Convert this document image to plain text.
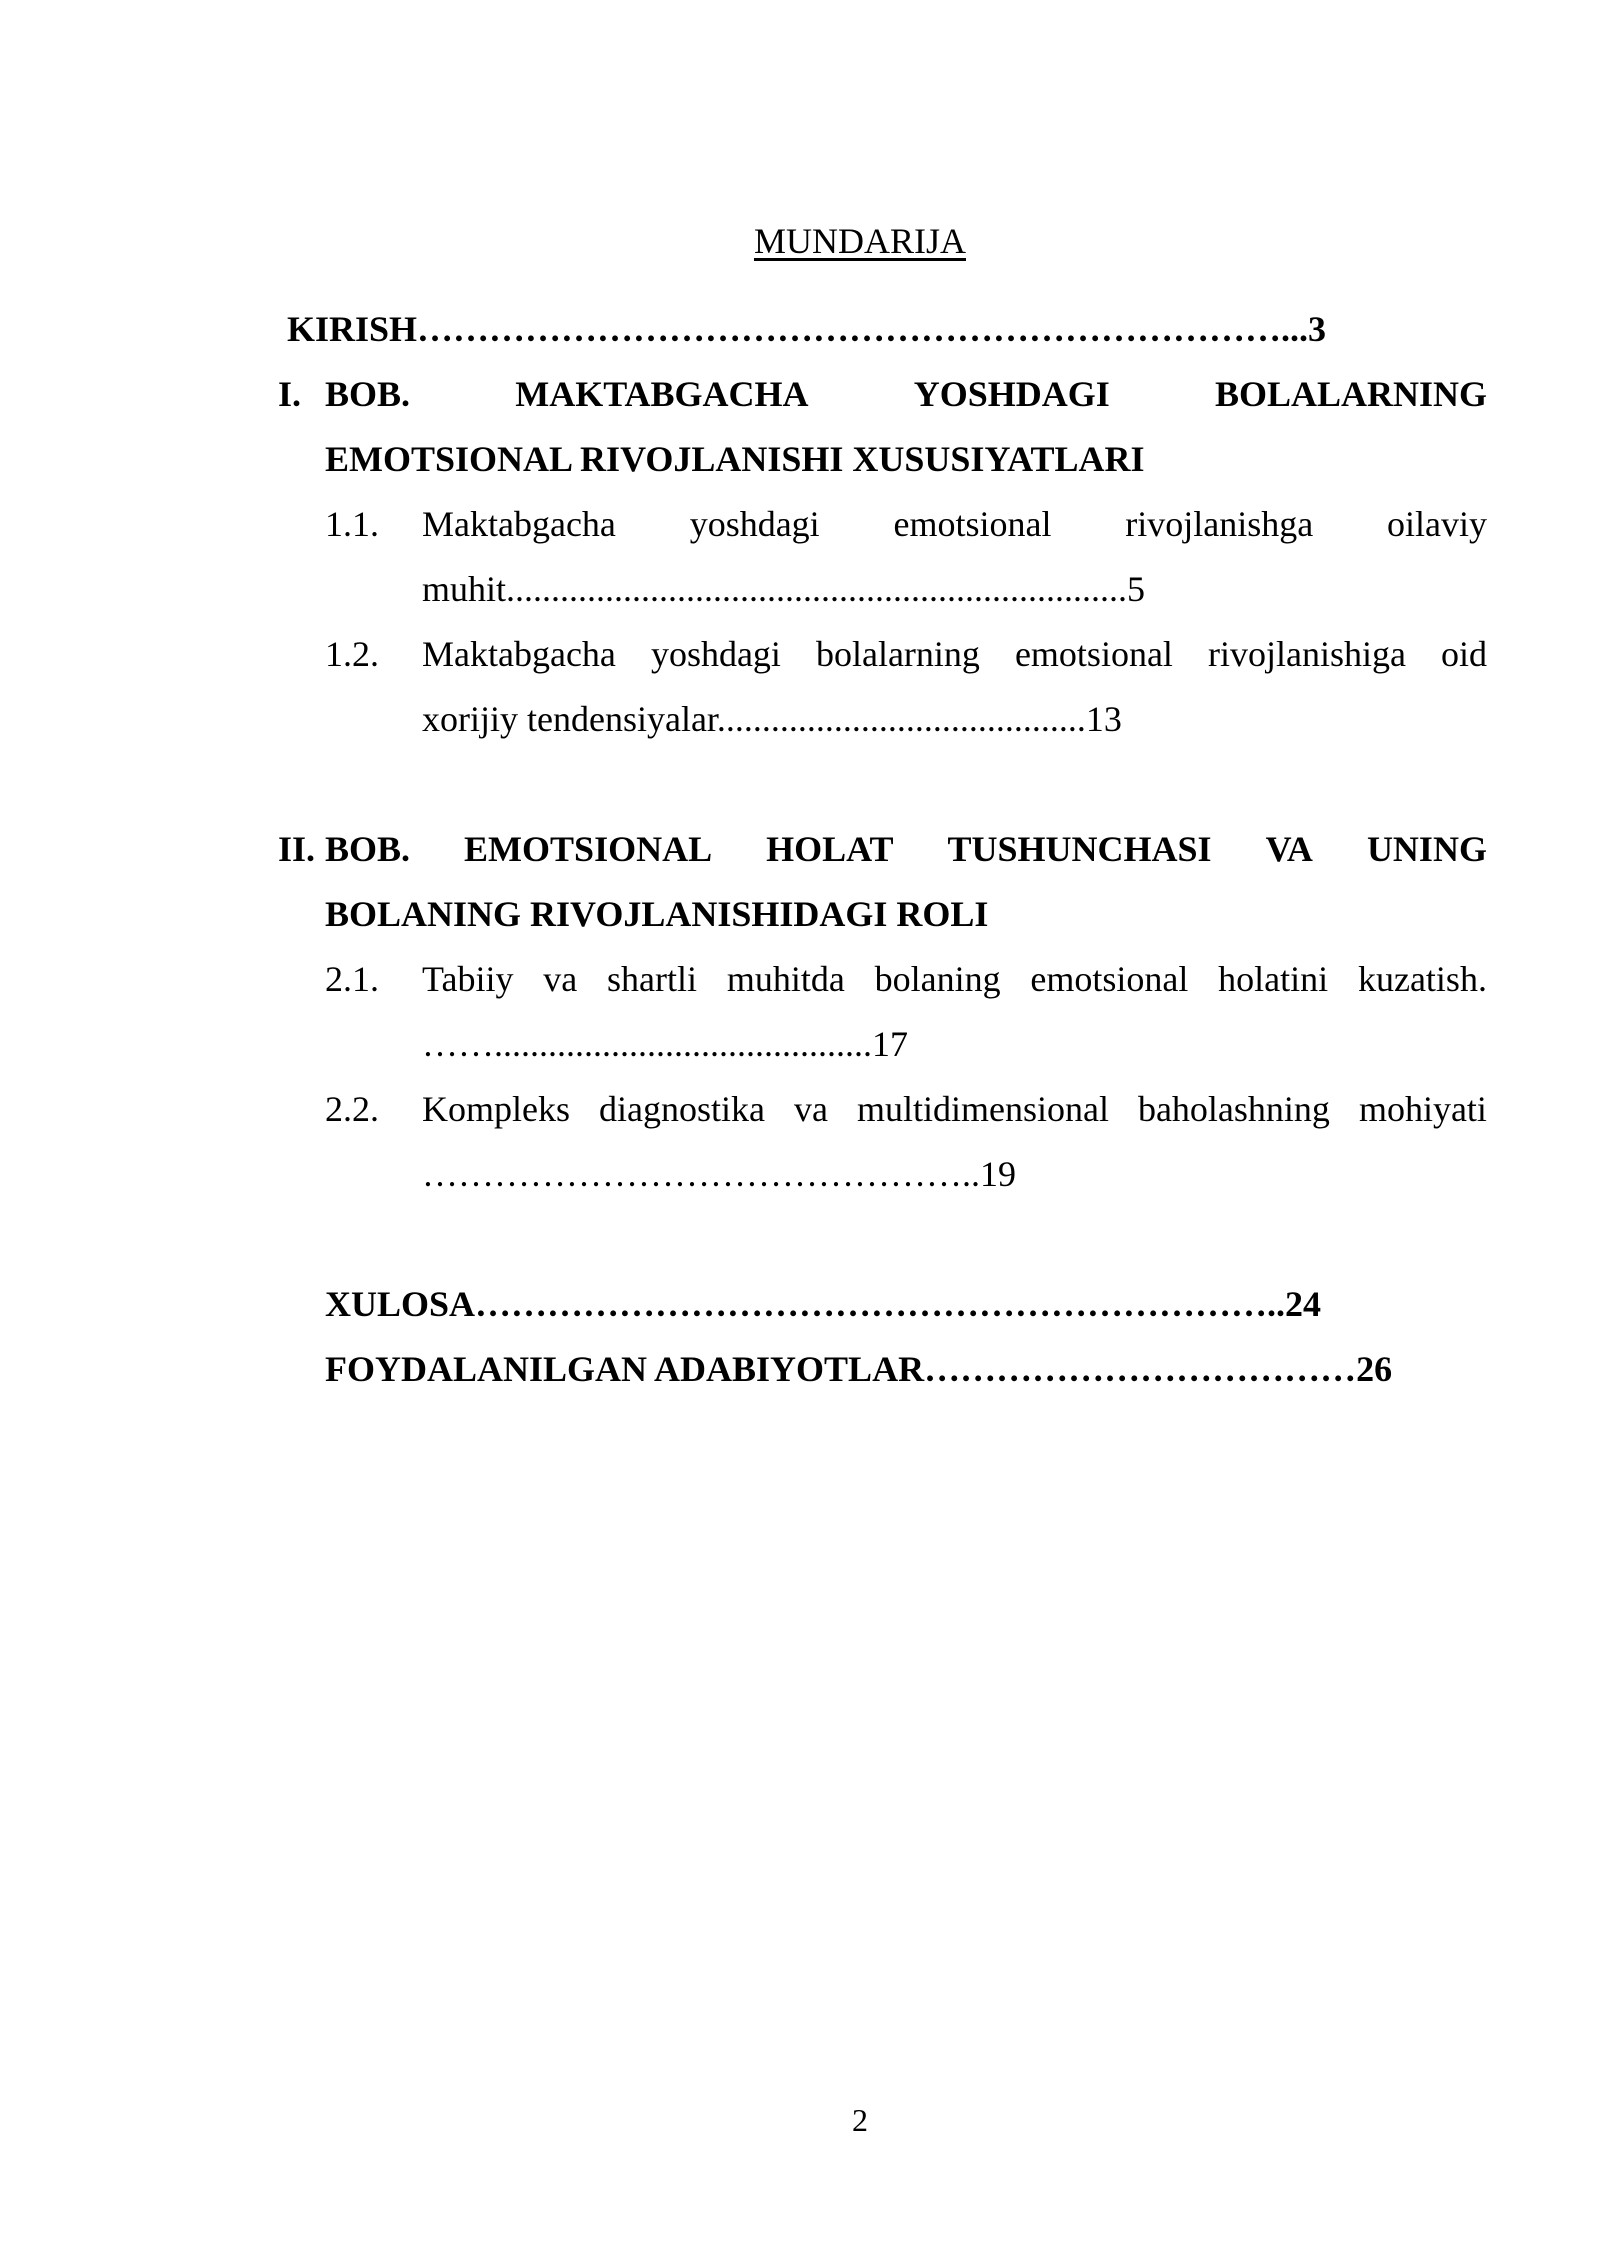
MUNDARIJA
KIRISH………………………………………………………………...3
I. BOB.	MAKTABGACHA	YOSHDAGI	BOLALARNING
EMOTSIONAL RIVOJLANISHI XUSUSIYATLARI
1.1. Maktabgacha yoshdagi emotsional rivojlanishga oilaviy
muhit.....................................................................5
1.2. Maktabgacha yoshdagi bolalarning emotsional rivojlanishiga oid
xorijiy tendensiyalar.........................................13
II. BOB. EMOTSIONAL HOLAT TUSHUNCHASI VA UNING
BOLANING RIVOJLANISHIDAGI ROLI
2.1. Tabiiy va shartli muhitda bolaning emotsional holatini kuzatish.
……..........................................17
2.2. Kompleks diagnostika va multidimensional baholashning mohiyati
………………………………………..19
XULOSA…………………………………………………………..24
FOYDALANILGAN ADABIYOTLAR………………………………26
2
